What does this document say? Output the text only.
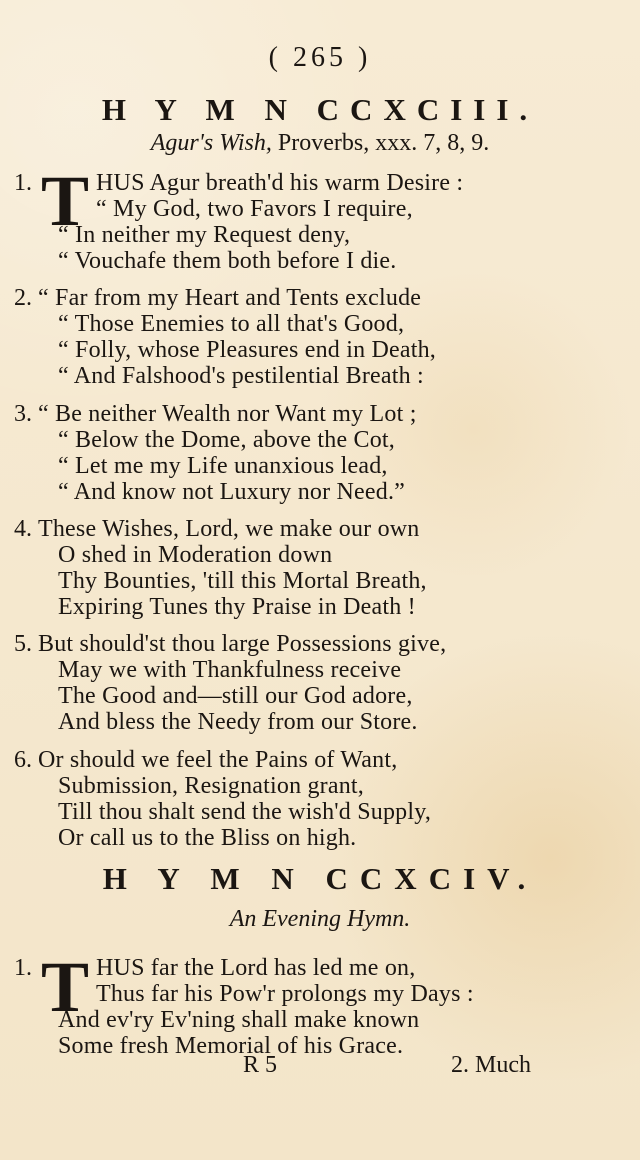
( 265 )
H Y M N CCXCIII.
Agur's Wish, Proverbs, xxx. 7, 8, 9.
1. T HUS Agur breath'd his warm Desire :
“ My God, two Favors I require,
“ In neither my Request deny,
“ Vouchafe them both before I die.
2. “ Far from my Heart and Tents exclude
“ Those Enemies to all that's Good,
“ Folly, whose Pleasures end in Death,
“ And Falshood's pestilential Breath :
3. “ Be neither Wealth nor Want my Lot ;
“ Below the Dome, above the Cot,
“ Let me my Life unanxious lead,
“ And know not Luxury nor Need.”
4. These Wishes, Lord, we make our own
O shed in Moderation down
Thy Bounties, 'till this Mortal Breath,
Expiring Tunes thy Praise in Death !
5. But should'st thou large Possessions give,
May we with Thankfulness receive
The Good and—still our God adore,
And bless the Needy from our Store.
6. Or should we feel the Pains of Want,
Submission, Resignation grant,
Till thou shalt send the wish'd Supply,
Or call us to the Bliss on high.
H Y M N CCXCIV.
An Evening Hymn.
1. T HUS far the Lord has led me on,
Thus far his Pow'r prolongs my Days :
And ev'ry Ev'ning shall make known
Some fresh Memorial of his Grace.
R 5	2. Much
